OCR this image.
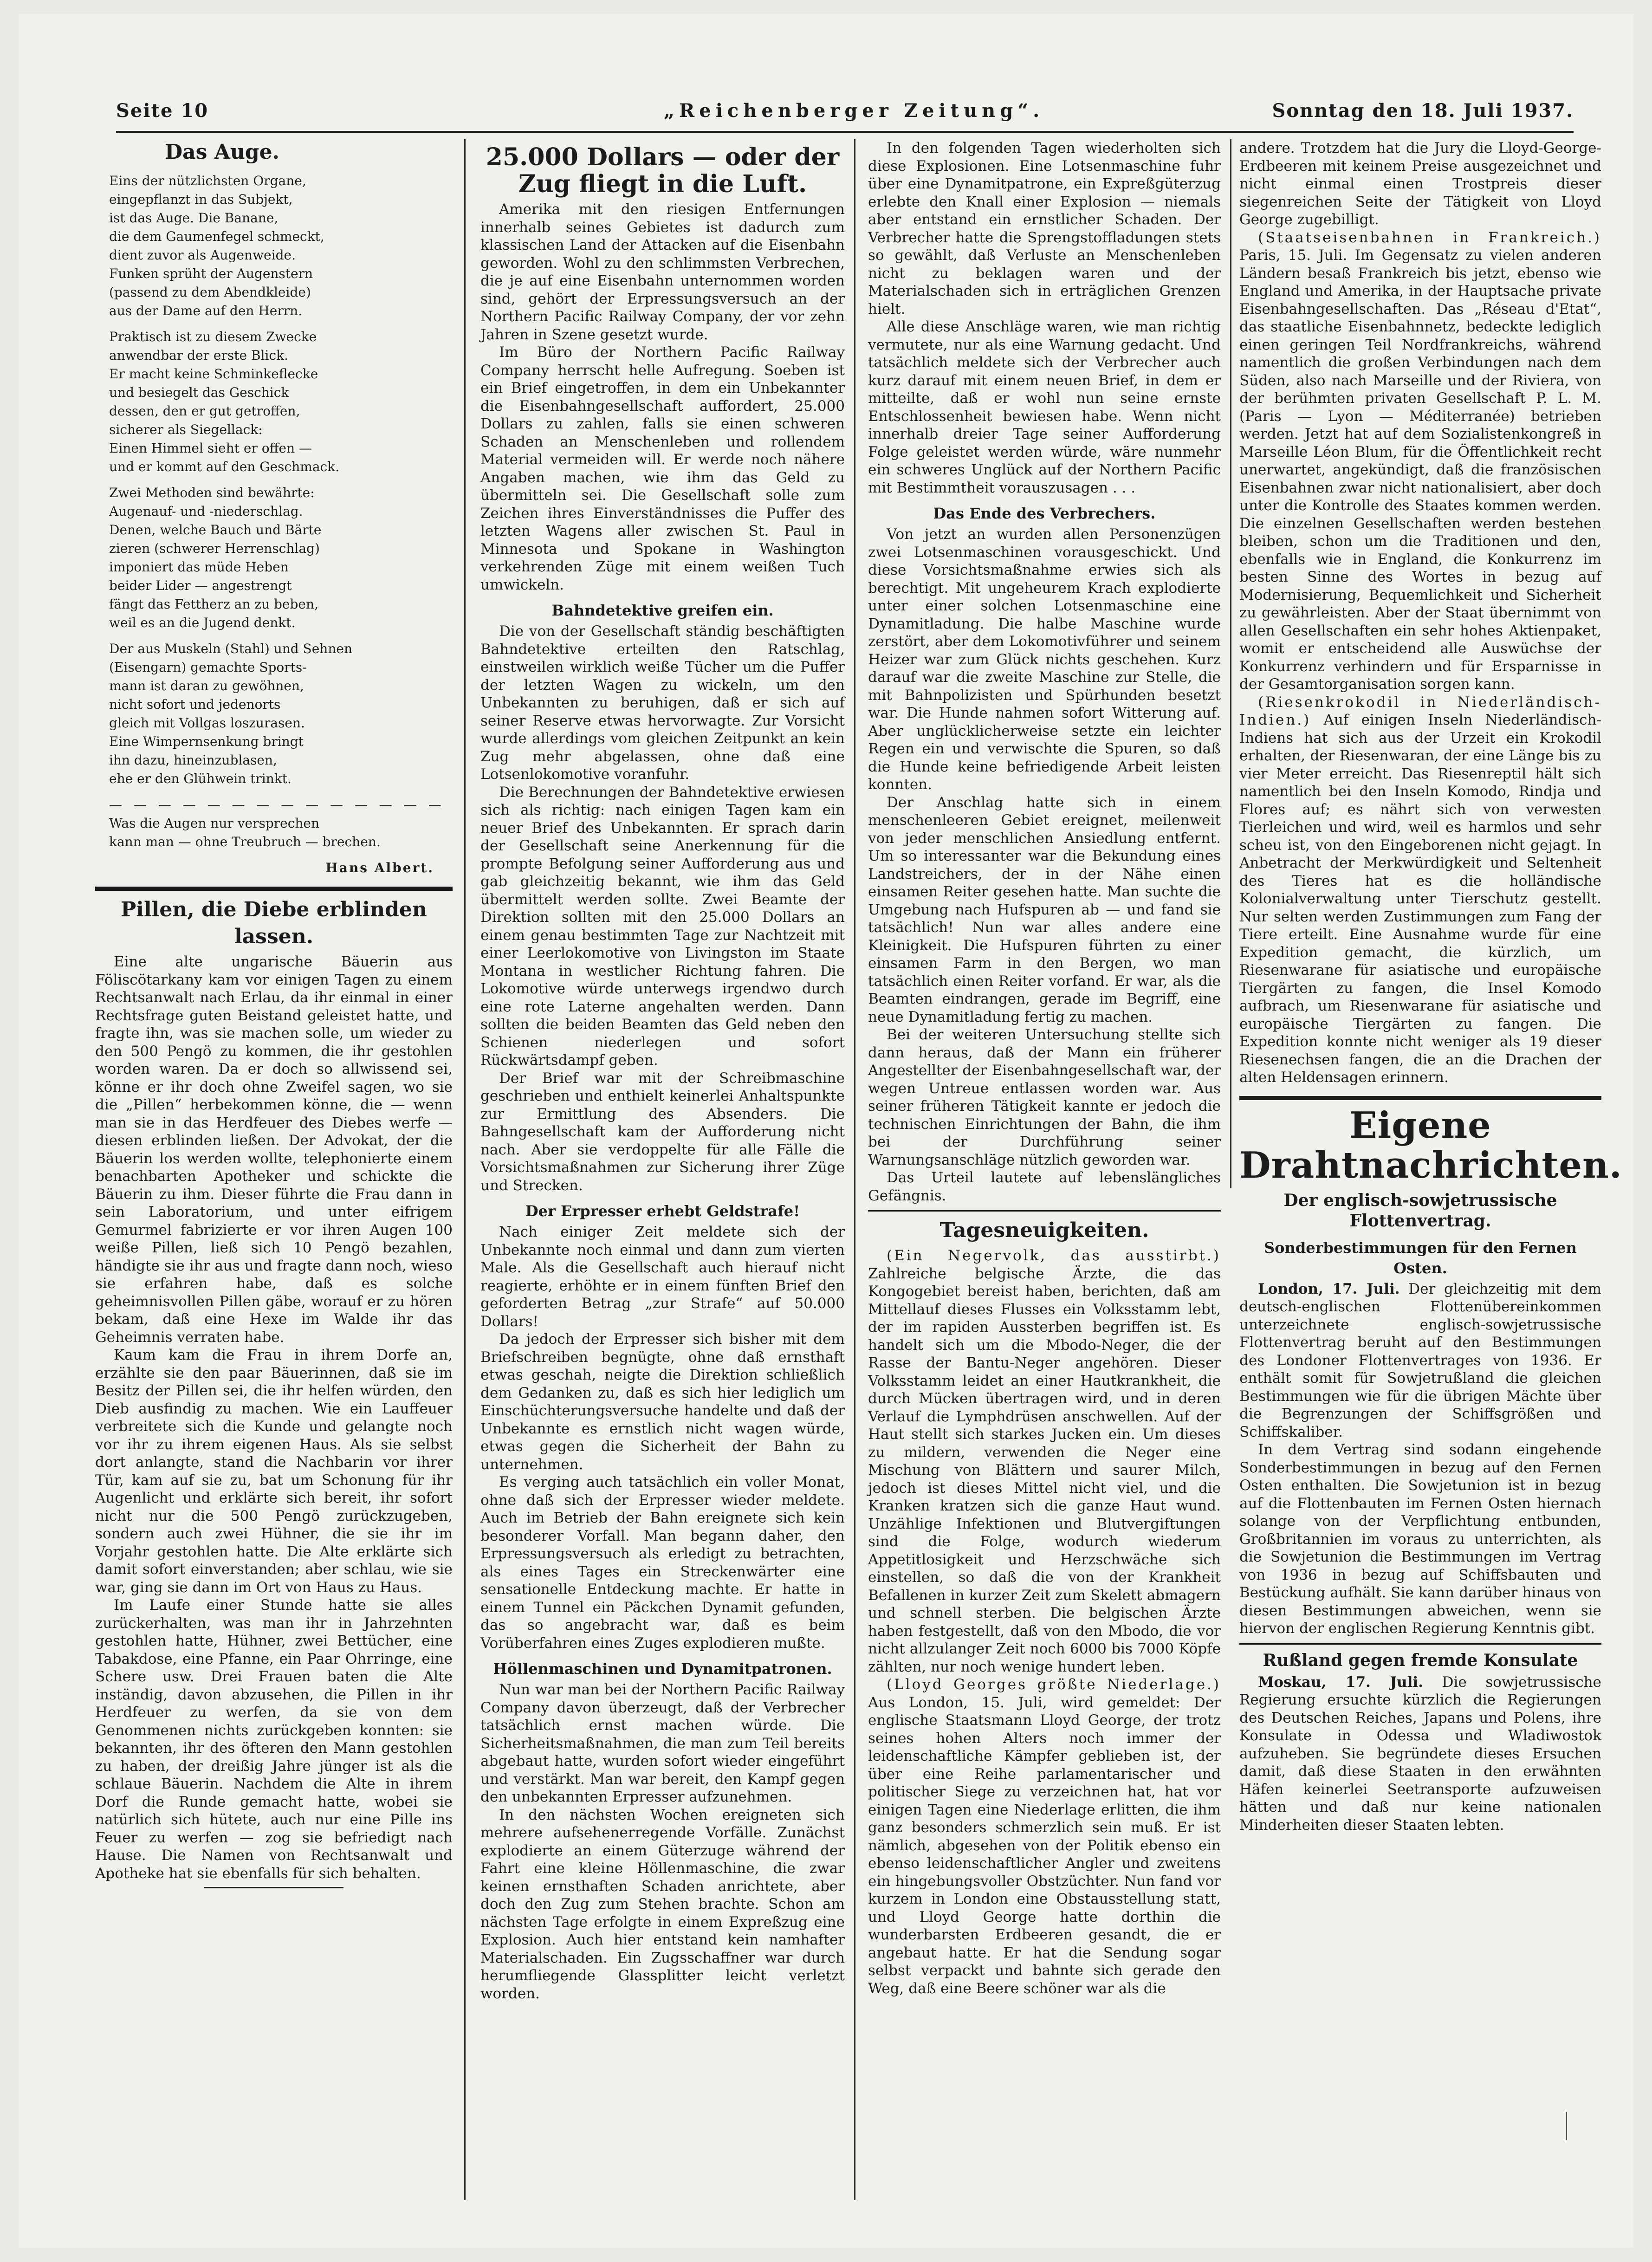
Seite 10	„Reichenberger Zeitung“.	Sonntag den 18. Juli 1937.
Das Auge.
Eins der nützlichsten Organe,
eingepflanzt in das Subjekt,
ist das Auge. Die Banane,
die dem Gaumenfegel schmeckt,
dient zuvor als Augenweide.
Funken sprüht der Augenstern
(passend zu dem Abendkleide)
aus der Dame auf den Herrn.
Praktisch ist zu diesem Zwecke
anwendbar der erste Blick.
Er macht keine Schminkeflecke
und besiegelt das Geschick
dessen, den er gut getroffen,
sicherer als Siegellack:
Einen Himmel sieht er offen —
und er kommt auf den Geschmack.
Zwei Methoden sind bewährte:
Augenauf- und -niederschlag.
Denen, welche Bauch und Bärte
zieren (schwerer Herrenschlag)
imponiert das müde Heben
beider Lider — angestrengt
fängt das Fettherz an zu beben,
weil es an die Jugend denkt.
Der aus Muskeln (Stahl) und Sehnen
(Eisengarn) gemachte Sports-
mann ist daran zu gewöhnen,
nicht sofort und jedenorts
gleich mit Vollgas loszurasen.
Eine Wimpernsenkung bringt
ihn dazu, hineinzublasen,
ehe er den Glühwein trinkt.
— — — — — — — — — — — — — —
Was die Augen nur versprechen
kann man — ohne Treubruch — brechen.
Hans Albert.
Pillen, die Diebe erblinden lassen.

Eine alte ungarische Bäuerin aus Föliscötarkany kam vor einigen Tagen zu einem Rechtsanwalt nach Erlau, da ihr einmal in einer Rechtsfrage guten Beistand geleistet hatte, und fragte ihn, was sie machen solle, um wieder zu den 500 Pengö zu kommen, die ihr gestohlen worden waren. Da er doch so allwissend sei, könne er ihr doch ohne Zweifel sagen, wo sie die „Pillen“ herbekommen könne, die — wenn man sie in das Herdfeuer des Diebes werfe — diesen erblinden ließen. Der Advokat, der die Bäuerin los werden wollte, telephonierte einem benachbarten Apotheker und schickte die Bäuerin zu ihm. Dieser führte die Frau dann in sein Laboratorium, und unter eifrigem Gemurmel fabrizierte er vor ihren Augen 100 weiße Pillen, ließ sich 10 Pengö bezahlen, händigte sie ihr aus und fragte dann noch, wieso sie erfahren habe, daß es solche geheimnisvollen Pillen gäbe, worauf er zu hören bekam, daß eine Hexe im Walde ihr das Geheimnis verraten habe.

Kaum kam die Frau in ihrem Dorfe an, erzählte sie den paar Bäuerinnen, daß sie im Besitz der Pillen sei, die ihr helfen würden, den Dieb ausfindig zu machen. Wie ein Lauffeuer verbreitete sich die Kunde und gelangte noch vor ihr zu ihrem eigenen Haus. Als sie selbst dort anlangte, stand die Nachbarin vor ihrer Tür, kam auf sie zu, bat um Schonung für ihr Augenlicht und erklärte sich bereit, ihr sofort nicht nur die 500 Pengö zurückzugeben, sondern auch zwei Hühner, die sie ihr im Vorjahr gestohlen hatte. Die Alte erklärte sich damit sofort einverstanden; aber schlau, wie sie war, ging sie dann im Ort von Haus zu Haus.

Im Laufe einer Stunde hatte sie alles zurückerhalten, was man ihr in Jahrzehnten gestohlen hatte, Hühner, zwei Bettücher, eine Tabakdose, eine Pfanne, ein Paar Ohrringe, eine Schere usw. Drei Frauen baten die Alte inständig, davon abzusehen, die Pillen in ihr Herdfeuer zu werfen, da sie von dem Genommenen nichts zurückgeben konnten: sie bekannten, ihr des öfteren den Mann gestohlen zu haben, der dreißig Jahre jünger ist als die schlaue Bäuerin. Nachdem die Alte in ihrem Dorf die Runde gemacht hatte, wobei sie natürlich sich hütete, auch nur eine Pille ins Feuer zu werfen — zog sie befriedigt nach Hause. Die Namen von Rechtsanwalt und Apotheke hat sie ebenfalls für sich behalten.

25.000 Dollars — oder der Zug fliegt in die Luft.

Amerika mit den riesigen Entfernungen innerhalb seines Gebietes ist dadurch zum klassischen Land der Attacken auf die Eisenbahn geworden. Wohl zu den schlimmsten Verbrechen, die je auf eine Eisenbahn unternommen worden sind, gehört der Erpressungsversuch an der Northern Pacific Railway Company, der vor zehn Jahren in Szene gesetzt wurde.

Im Büro der Northern Pacific Railway Company herrscht helle Aufregung. Soeben ist ein Brief eingetroffen, in dem ein Unbekannter die Eisenbahngesellschaft auffordert, 25.000 Dollars zu zahlen, falls sie einen schweren Schaden an Menschenleben und rollendem Material vermeiden will. Er werde noch nähere Angaben machen, wie ihm das Geld zu übermitteln sei. Die Gesellschaft solle zum Zeichen ihres Einverständnisses die Puffer des letzten Wagens aller zwischen St. Paul in Minnesota und Spokane in Washington verkehrenden Züge mit einem weißen Tuch umwickeln.

Bahndetektive greifen ein.

Die von der Gesellschaft ständig beschäftigten Bahndetektive erteilten den Ratschlag, einstweilen wirklich weiße Tücher um die Puffer der letzten Wagen zu wickeln, um den Unbekannten zu beruhigen, daß er sich auf seiner Reserve etwas hervorwagte. Zur Vorsicht wurde allerdings vom gleichen Zeitpunkt an kein Zug mehr abgelassen, ohne daß eine Lotsenlokomotive voranfuhr.

Die Berechnungen der Bahndetektive erwiesen sich als richtig: nach einigen Tagen kam ein neuer Brief des Unbekannten. Er sprach darin der Gesellschaft seine Anerkennung für die prompte Befolgung seiner Aufforderung aus und gab gleichzeitig bekannt, wie ihm das Geld übermittelt werden sollte. Zwei Beamte der Direktion sollten mit den 25.000 Dollars an einem genau bestimmten Tage zur Nachtzeit mit einer Leerlokomotive von Livingston im Staate Montana in westlicher Richtung fahren. Die Lokomotive würde unterwegs irgendwo durch eine rote Laterne angehalten werden. Dann sollten die beiden Beamten das Geld neben den Schienen niederlegen und sofort Rückwärtsdampf geben.

Der Brief war mit der Schreibmaschine geschrieben und enthielt keinerlei Anhaltspunkte zur Ermittlung des Absenders. Die Bahngesellschaft kam der Aufforderung nicht nach. Aber sie verdoppelte für alle Fälle die Vorsichtsmaßnahmen zur Sicherung ihrer Züge und Strecken.

Der Erpresser erhebt Geldstrafe!

Nach einiger Zeit meldete sich der Unbekannte noch einmal und dann zum vierten Male. Als die Gesellschaft auch hierauf nicht reagierte, erhöhte er in einem fünften Brief den geforderten Betrag „zur Strafe“ auf 50.000 Dollars!

Da jedoch der Erpresser sich bisher mit dem Briefschreiben begnügte, ohne daß ernsthaft etwas geschah, neigte die Direktion schließlich dem Gedanken zu, daß es sich hier lediglich um Einschüchterungsversuche handelte und daß der Unbekannte es ernstlich nicht wagen würde, etwas gegen die Sicherheit der Bahn zu unternehmen.

Es verging auch tatsächlich ein voller Monat, ohne daß sich der Erpresser wieder meldete. Auch im Betrieb der Bahn ereignete sich kein besonderer Vorfall. Man begann daher, den Erpressungsversuch als erledigt zu betrachten, als eines Tages ein Streckenwärter eine sensationelle Entdeckung machte. Er hatte in einem Tunnel ein Päckchen Dynamit gefunden, das so angebracht war, daß es beim Vorüberfahren eines Zuges explodieren mußte.

Höllenmaschinen und Dynamitpatronen.

Nun war man bei der Northern Pacific Railway Company davon überzeugt, daß der Verbrecher tatsächlich ernst machen würde. Die Sicherheitsmaßnahmen, die man zum Teil bereits abgebaut hatte, wurden sofort wieder eingeführt und verstärkt. Man war bereit, den Kampf gegen den unbekannten Erpresser aufzunehmen.

In den nächsten Wochen ereigneten sich mehrere aufsehenerregende Vorfälle. Zunächst explodierte an einem Güterzuge während der Fahrt eine kleine Höllenmaschine, die zwar keinen ernsthaften Schaden anrichtete, aber doch den Zug zum Stehen brachte. Schon am nächsten Tage erfolgte in einem Expreßzug eine Explosion. Auch hier entstand kein namhafter Materialschaden. Ein Zugsschaffner war durch herumfliegende Glassplitter leicht verletzt worden.

In den folgenden Tagen wiederholten sich diese Explosionen. Eine Lotsenmaschine fuhr über eine Dynamitpatrone, ein Expreßgüterzug erlebte den Knall einer Explosion — niemals aber entstand ein ernstlicher Schaden. Der Verbrecher hatte die Sprengstoffladungen stets so gewählt, daß Verluste an Menschenleben nicht zu beklagen waren und der Materialschaden sich in erträglichen Grenzen hielt.

Alle diese Anschläge waren, wie man richtig vermutete, nur als eine Warnung gedacht. Und tatsächlich meldete sich der Verbrecher auch kurz darauf mit einem neuen Brief, in dem er mitteilte, daß er wohl nun seine ernste Entschlossenheit bewiesen habe. Wenn nicht innerhalb dreier Tage seiner Aufforderung Folge geleistet werden würde, wäre nunmehr ein schweres Unglück auf der Northern Pacific mit Bestimmtheit vorauszusagen . . .

Das Ende des Verbrechers.

Von jetzt an wurden allen Personenzügen zwei Lotsenmaschinen vorausgeschickt. Und diese Vorsichtsmaßnahme erwies sich als berechtigt. Mit ungeheurem Krach explodierte unter einer solchen Lotsenmaschine eine Dynamitladung. Die halbe Maschine wurde zerstört, aber dem Lokomotivführer und seinem Heizer war zum Glück nichts geschehen. Kurz darauf war die zweite Maschine zur Stelle, die mit Bahnpolizisten und Spürhunden besetzt war. Die Hunde nahmen sofort Witterung auf. Aber unglücklicherweise setzte ein leichter Regen ein und verwischte die Spuren, so daß die Hunde keine befriedigende Arbeit leisten konnten.

Der Anschlag hatte sich in einem menschenleeren Gebiet ereignet, meilenweit von jeder menschlichen Ansiedlung entfernt. Um so interessanter war die Bekundung eines Landstreichers, der in der Nähe einen einsamen Reiter gesehen hatte. Man suchte die Umgebung nach Hufspuren ab — und fand sie tatsächlich! Nun war alles andere eine Kleinigkeit. Die Hufspuren führten zu einer einsamen Farm in den Bergen, wo man tatsächlich einen Reiter vorfand. Er war, als die Beamten eindrangen, gerade im Begriff, eine neue Dynamitladung fertig zu machen.

Bei der weiteren Untersuchung stellte sich dann heraus, daß der Mann ein früherer Angestellter der Eisenbahngesellschaft war, der wegen Untreue entlassen worden war. Aus seiner früheren Tätigkeit kannte er jedoch die technischen Einrichtungen der Bahn, die ihm bei der Durchführung seiner Warnungsanschläge nützlich geworden war.

Das Urteil lautete auf lebenslängliches Gefängnis.

Tagesneuigkeiten.

(Ein Negervolk, das ausstirbt.) Zahlreiche belgische Ärzte, die das Kongogebiet bereist haben, berichten, daß am Mittellauf dieses Flusses ein Volksstamm lebt, der im rapiden Aussterben begriffen ist. Es handelt sich um die Mbodo-Neger, die der Rasse der Bantu-Neger angehören. Dieser Volksstamm leidet an einer Hautkrankheit, die durch Mücken übertragen wird, und in deren Verlauf die Lymphdrüsen anschwellen. Auf der Haut stellt sich starkes Jucken ein. Um dieses zu mildern, verwenden die Neger eine Mischung von Blättern und saurer Milch, jedoch ist dieses Mittel nicht viel, und die Kranken kratzen sich die ganze Haut wund. Unzählige Infektionen und Blutvergiftungen sind die Folge, wodurch wiederum Appetitlosigkeit und Herzschwäche sich einstellen, so daß die von der Krankheit Befallenen in kurzer Zeit zum Skelett abmagern und schnell sterben. Die belgischen Ärzte haben festgestellt, daß von den Mbodo, die vor nicht allzulanger Zeit noch 6000 bis 7000 Köpfe zählten, nur noch wenige hundert leben.

(Lloyd Georges größte Niederlage.) Aus London, 15. Juli, wird gemeldet: Der englische Staatsmann Lloyd George, der trotz seines hohen Alters noch immer der leidenschaftliche Kämpfer geblieben ist, der über eine Reihe parlamentarischer und politischer Siege zu verzeichnen hat, hat vor einigen Tagen eine Niederlage erlitten, die ihm ganz besonders schmerzlich sein muß. Er ist nämlich, abgesehen von der Politik ebenso ein ebenso leidenschaftlicher Angler und zweitens ein hingebungsvoller Obstzüchter. Nun fand vor kurzem in London eine Obstausstellung statt, und Lloyd George hatte dorthin die wunderbarsten Erdbeeren gesandt, die er angebaut hatte. Er hat die Sendung sogar selbst verpackt und bahnte sich gerade den Weg, daß eine Beere schöner war als die

andere. Trotzdem hat die Jury die Lloyd-George-Erdbeeren mit keinem Preise ausgezeichnet und nicht einmal einen Trostpreis dieser siegenreichen Seite der Tätigkeit von Lloyd George zugebilligt.

(Staatseisenbahnen in Frankreich.) Paris, 15. Juli. Im Gegensatz zu vielen anderen Ländern besaß Frankreich bis jetzt, ebenso wie England und Amerika, in der Hauptsache private Eisenbahngesellschaften. Das „Réseau d'Etat“, das staatliche Eisenbahnnetz, bedeckte lediglich einen geringen Teil Nordfrankreichs, während namentlich die großen Verbindungen nach dem Süden, also nach Marseille und der Riviera, von der berühmten privaten Gesellschaft P. L. M. (Paris — Lyon — Méditerranée) betrieben werden. Jetzt hat auf dem Sozialistenkongreß in Marseille Léon Blum, für die Öffentlichkeit recht unerwartet, angekündigt, daß die französischen Eisenbahnen zwar nicht nationalisiert, aber doch unter die Kontrolle des Staates kommen werden. Die einzelnen Gesellschaften werden bestehen bleiben, schon um die Traditionen und den, ebenfalls wie in England, die Konkurrenz im besten Sinne des Wortes in bezug auf Modernisierung, Bequemlichkeit und Sicherheit zu gewährleisten. Aber der Staat übernimmt von allen Gesellschaften ein sehr hohes Aktienpaket, womit er entscheidend alle Auswüchse der Konkurrenz verhindern und für Ersparnisse in der Gesamtorganisation sorgen kann.

(Riesenkrokodil in Niederländisch-Indien.) Auf einigen Inseln Niederländisch-Indiens hat sich aus der Urzeit ein Krokodil erhalten, der Riesenwaran, der eine Länge bis zu vier Meter erreicht. Das Riesenreptil hält sich namentlich bei den Inseln Komodo, Rindja und Flores auf; es nährt sich von verwesten Tierleichen und wird, weil es harmlos und sehr scheu ist, von den Eingeborenen nicht gejagt. In Anbetracht der Merkwürdigkeit und Seltenheit des Tieres hat es die holländische Kolonialverwaltung unter Tierschutz gestellt. Nur selten werden Zustimmungen zum Fang der Tiere erteilt. Eine Ausnahme wurde für eine Expedition gemacht, die kürzlich, um Riesenwarane für asiatische und europäische Tiergärten zu fangen, die Insel Komodo aufbrach, um Riesenwarane für asiatische und europäische Tiergärten zu fangen. Die Expedition konnte nicht weniger als 19 dieser Riesenechsen fangen, die an die Drachen der alten Heldensagen erinnern.

Eigene Drahtnachrichten.
Der englisch-sowjetrussische Flottenvertrag.
Sonderbestimmungen für den Fernen Osten.

London, 17. Juli. Der gleichzeitig mit dem deutsch-englischen Flottenübereinkommen unterzeichnete englisch-sowjetrussische Flottenvertrag beruht auf den Bestimmungen des Londoner Flottenvertrages von 1936. Er enthält somit für Sowjetrußland die gleichen Bestimmungen wie für die übrigen Mächte über die Begrenzungen der Schiffsgrößen und Schiffskaliber.

In dem Vertrag sind sodann eingehende Sonderbestimmungen in bezug auf den Fernen Osten enthalten. Die Sowjetunion ist in bezug auf die Flottenbauten im Fernen Osten hiernach solange von der Verpflichtung entbunden, Großbritannien im voraus zu unterrichten, als die Sowjetunion die Bestimmungen im Vertrag von 1936 in bezug auf Schiffsbauten und Bestückung aufhält. Sie kann darüber hinaus von diesen Bestimmungen abweichen, wenn sie hiervon der englischen Regierung Kenntnis gibt.

Rußland gegen fremde Konsulate

Moskau, 17. Juli. Die sowjetrussische Regierung ersuchte kürzlich die Regierungen des Deutschen Reiches, Japans und Polens, ihre Konsulate in Odessa und Wladiwostok aufzuheben. Sie begründete dieses Ersuchen damit, daß diese Staaten in den erwähnten Häfen keinerlei Seetransporte aufzuweisen hätten und daß nur keine nationalen Minderheiten dieser Staaten lebten.
